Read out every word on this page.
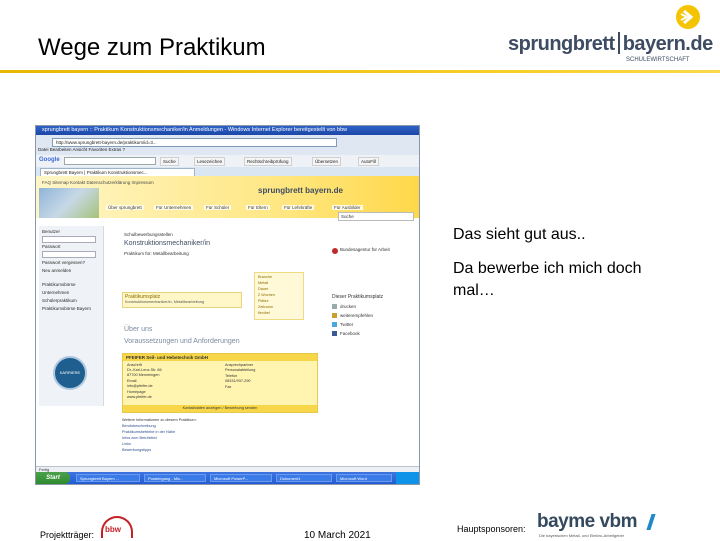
Wege zum Praktikum	sprungbrett bayern.de
SCHULEWIRTSCHAFT
sprungbrett bayern :: Praktikum Konstruktionsmechaniker/in Anmeldungen - Windows Internet Explorer bereitgestellt von bbw
http://www.sprungbrett-bayern.de/praktikum/id=3...
Datei Bearbeiten Ansicht Favoriten Extras ?
Google	Suche	Lesezeichen	Rechtschreibprüfung	Übersetzen	AutoFill
Sprungbrett Bayern | Praktikum Konstruktionsmec...
FAQ Sitemap Kontakt Datenschutzerklärung Impressum
sprungbrett bayern.de
Über sprungbrett	Für Unternehmen	Für Schüler	Für Eltern	Für Lehrkräfte	Für Ausbilder
Suche
Benutzer
Passwort
Passwort vergessen?
Neu anmelden
Praktikumsbörse
Unternehmen
Schülerpraktikum
Praktikumsbörse Bayern
KARRIERE
Schulbewerbungsstellen
Konstruktionsmechaniker/in
Praktikum für: Metallbearbeitung
Praktikumsplatz
Konstruktionsmechaniker/in, Metallbearbeitung
Branche
Metall
Dauer
2 Wochen
Plätze
Zeitraum
flexibel
Über uns
Voraussetzungen und Anforderungen
PFEIFER Seil- und Hebetechnik GmbH
Anschrift
Dr.-Karl-Lenz-Str. 66
87700 Memmingen
Email
info@pfeifer.de
Homepage
www.pfeifer.de
Ansprechpartner
Personalabteilung
Telefon
08331/937-290
Fax
Kontaktdaten anzeigen / Bewerbung senden
Weitere Informationen zu diesem Praktikum:
Berufsbeschreibung
Praktikumsbetriebe in der Nähe
Infos zum Berufsfeld
Links
Bewerbungstipps
Bundesagentur für Arbeit
Dieser Praktikumsplatz
drucken
weiterempfehlen
Twitter
Facebook
Fertig
Start	Sprungbrett Bayern ...	Posteingang - Mic...	Microsoft PowerP...	Dokument1	Microsoft Word
Das sieht gut aus..
Da bewerbe ich mich doch mal…
Projektträger:
bbw
10 March 2021
Hauptsponsoren: bayme vbm
Die bayerischen Metall- und Elektro-Arbeitgeber
